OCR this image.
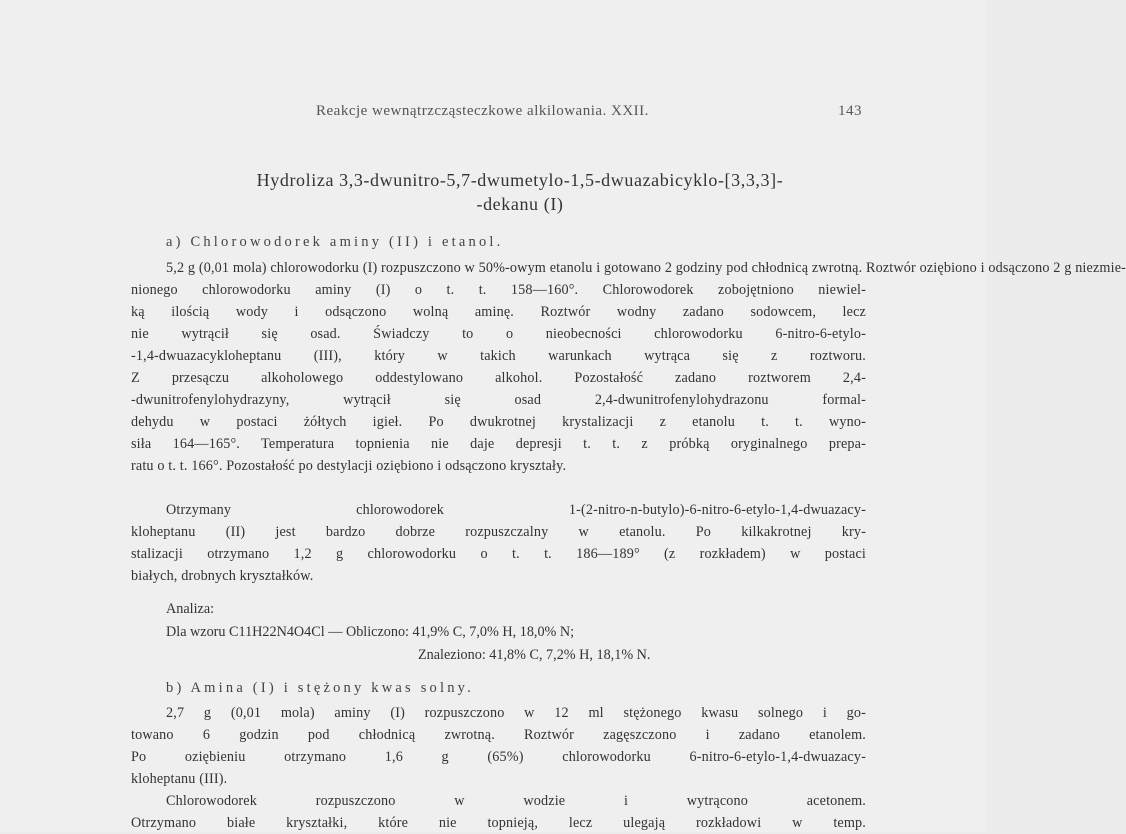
Reakcje wewnątrzcząsteczkowe alkilowania. XXII.	143
Hydroliza 3,3-dwunitro-5,7-dwumetylo-1,5-dwuazabicyklo-[3,3,3]-
-dekanu (I)
a) Chlorowodorek aminy (II) i etanol.
5,2 g (0,01 mola) chlorowodorku (I) rozpuszczono w 50%-owym etanolu i gotowano 2 godziny pod chłodnicą zwrotną. Roztwór oziębiono i odsączono 2 g niezmie-
nionego chlorowodorku aminy (I) o t. t. 158—160°. Chlorowodorek zobojętniono niewiel-
ką ilością wody i odsączono wolną aminę. Roztwór wodny zadano sodowcem, lecz
nie wytrącił się osad. Świadczy to o nieobecności chlorowodorku 6-nitro-6-etylo-
-1,4-dwuazacykloheptanu (III), który w takich warunkach wytrąca się z roztworu.
Z przesączu alkoholowego oddestylowano alkohol. Pozostałość zadano roztworem 2,4-
-dwunitrofenylohydrazyny, wytrącił się osad 2,4-dwunitrofenylohydrazonu formal-
dehydu w postaci żółtych igieł. Po dwukrotnej krystalizacji z etanolu t. t. wyno-
siła 164—165°. Temperatura topnienia nie daje depresji t. t. z próbką oryginalnego prepa-
ratu o t. t. 166°. Pozostałość po destylacji oziębiono i odsączono kryształy.
Otrzymany chlorowodorek 1-(2-nitro-n-butylo)-6-nitro-6-etylo-1,4-dwuazacy-
kloheptanu (II) jest bardzo dobrze rozpuszczalny w etanolu. Po kilkakrotnej kry-
stalizacji otrzymano 1,2 g chlorowodorku o t. t. 186—189° (z rozkładem) w postaci
białych, drobnych kryształków.
Analiza:
Dla wzoru C11H22N4O4Cl — Obliczono: 41,9% C, 7,0% H, 18,0% N;
Znaleziono: 41,8% C, 7,2% H, 18,1% N.
b) Amina (I) i stężony kwas solny.
2,7 g (0,01 mola) aminy (I) rozpuszczono w 12 ml stężonego kwasu solnego i go-
towano 6 godzin pod chłodnicą zwrotną. Roztwór zagęszczono i zadano etanolem.
Po oziębieniu otrzymano 1,6 g (65%) chlorowodorku 6-nitro-6-etylo-1,4-dwuazacy-
kloheptanu (III).
Chlorowodorek rozpuszczono w wodzie i wytrącono acetonem.
Otrzymano białe kryształki, które nie topnieją, lecz ulegają rozkładowi w temp.
